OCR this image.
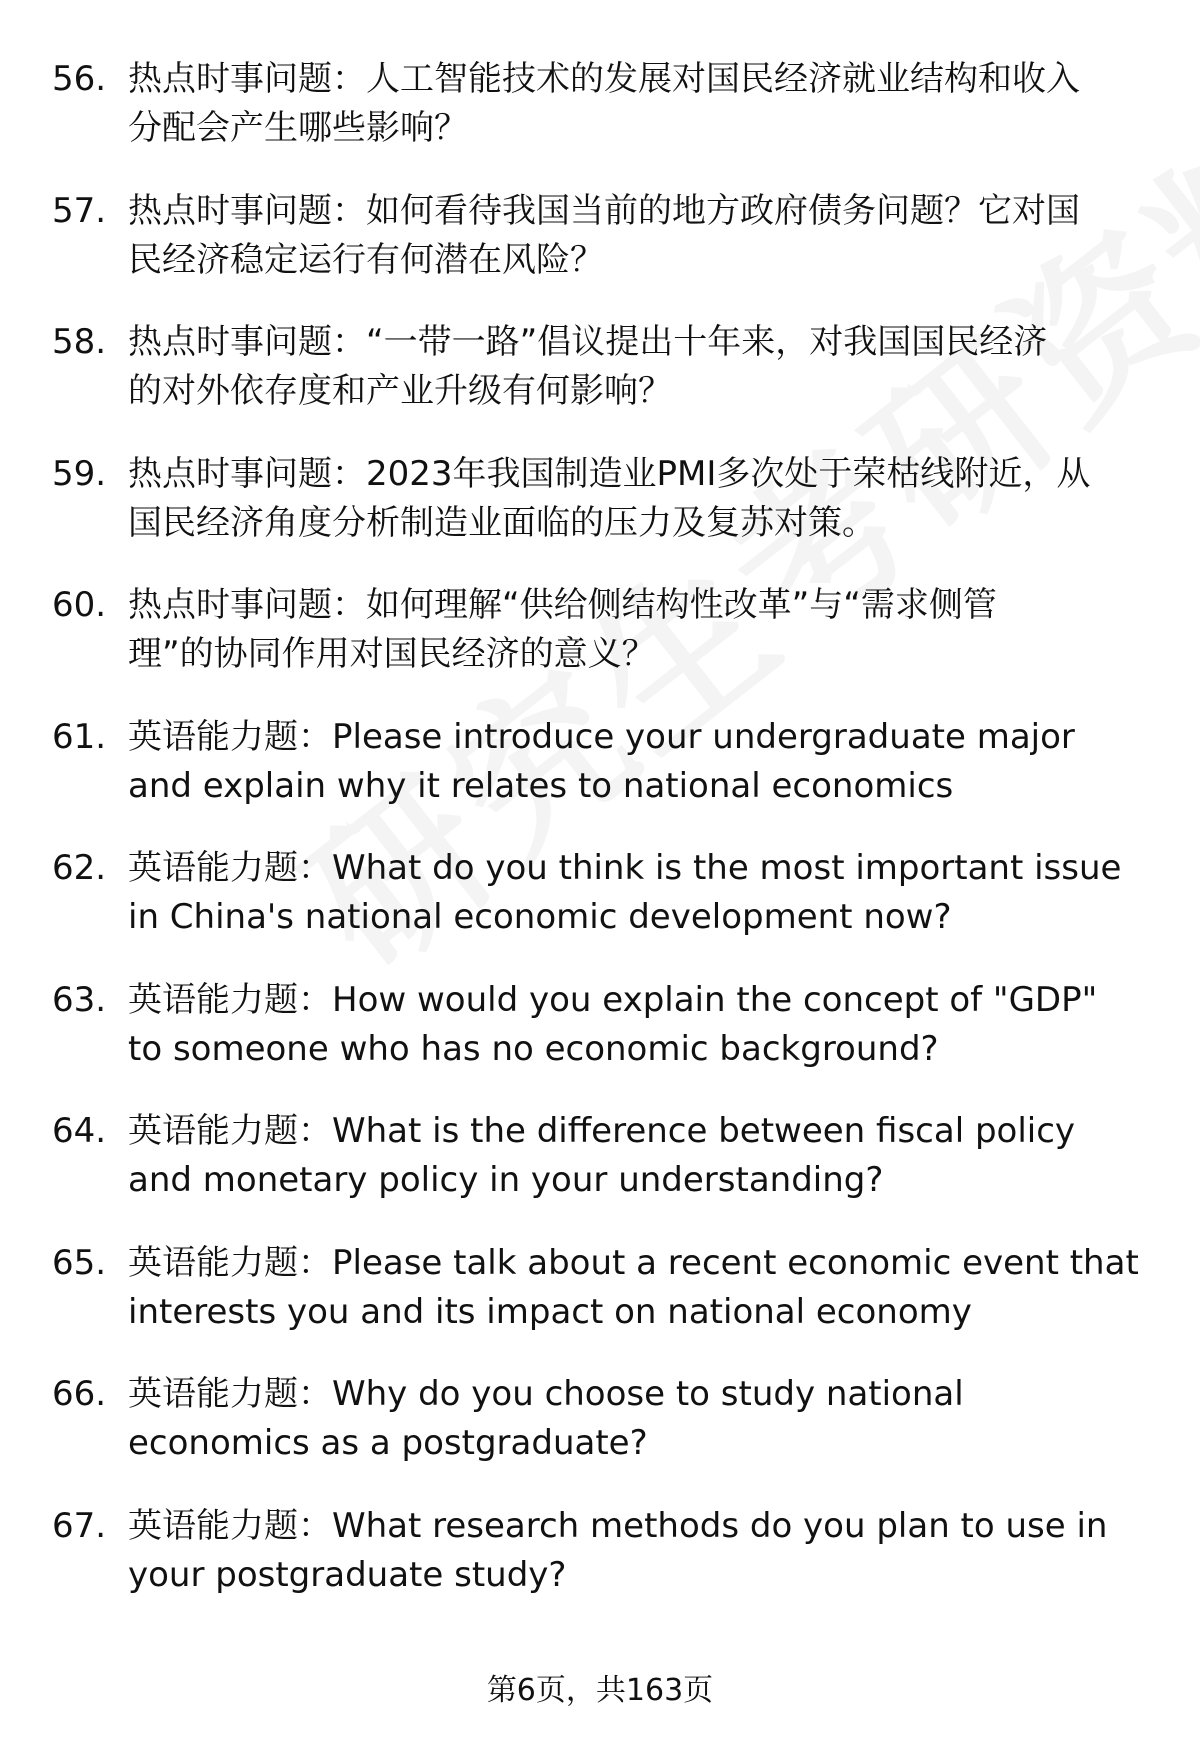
56. 热点时事问题：人工智能技术的发展对国民经济就业结构和收入
分配会产生哪些影响？
57. 热点时事问题：如何看待我国当前的地方政府债务问题？它对国
民经济稳定运行有何潜在风险？
58. 热点时事问题：“一带一路”倡议提出十年来，对我国国民经济
的对外依存度和产业升级有何影响？
59. 热点时事问题：2023年我国制造业PMI多次处于荣枯线附近，从
国民经济角度分析制造业面临的压力及复苏对策。
60. 热点时事问题：如何理解“供给侧结构性改革”与“需求侧管
理”的协同作用对国民经济的意义？
61. 英语能力题：Please introduce your undergraduate major
and explain why it relates to national economics
62. 英语能力题：What do you think is the most important issue
in China's national economic development now?
63. 英语能力题：How would you explain the concept of "GDP"
to someone who has no economic background?
64. 英语能力题：What is the difference between fiscal policy
and monetary policy in your understanding?
65. 英语能力题：Please talk about a recent economic event that
interests you and its impact on national economy
66. 英语能力题：Why do you choose to study national
economics as a postgraduate?
67. 英语能力题：What research methods do you plan to use in
your postgraduate study?
第6页，共163页
